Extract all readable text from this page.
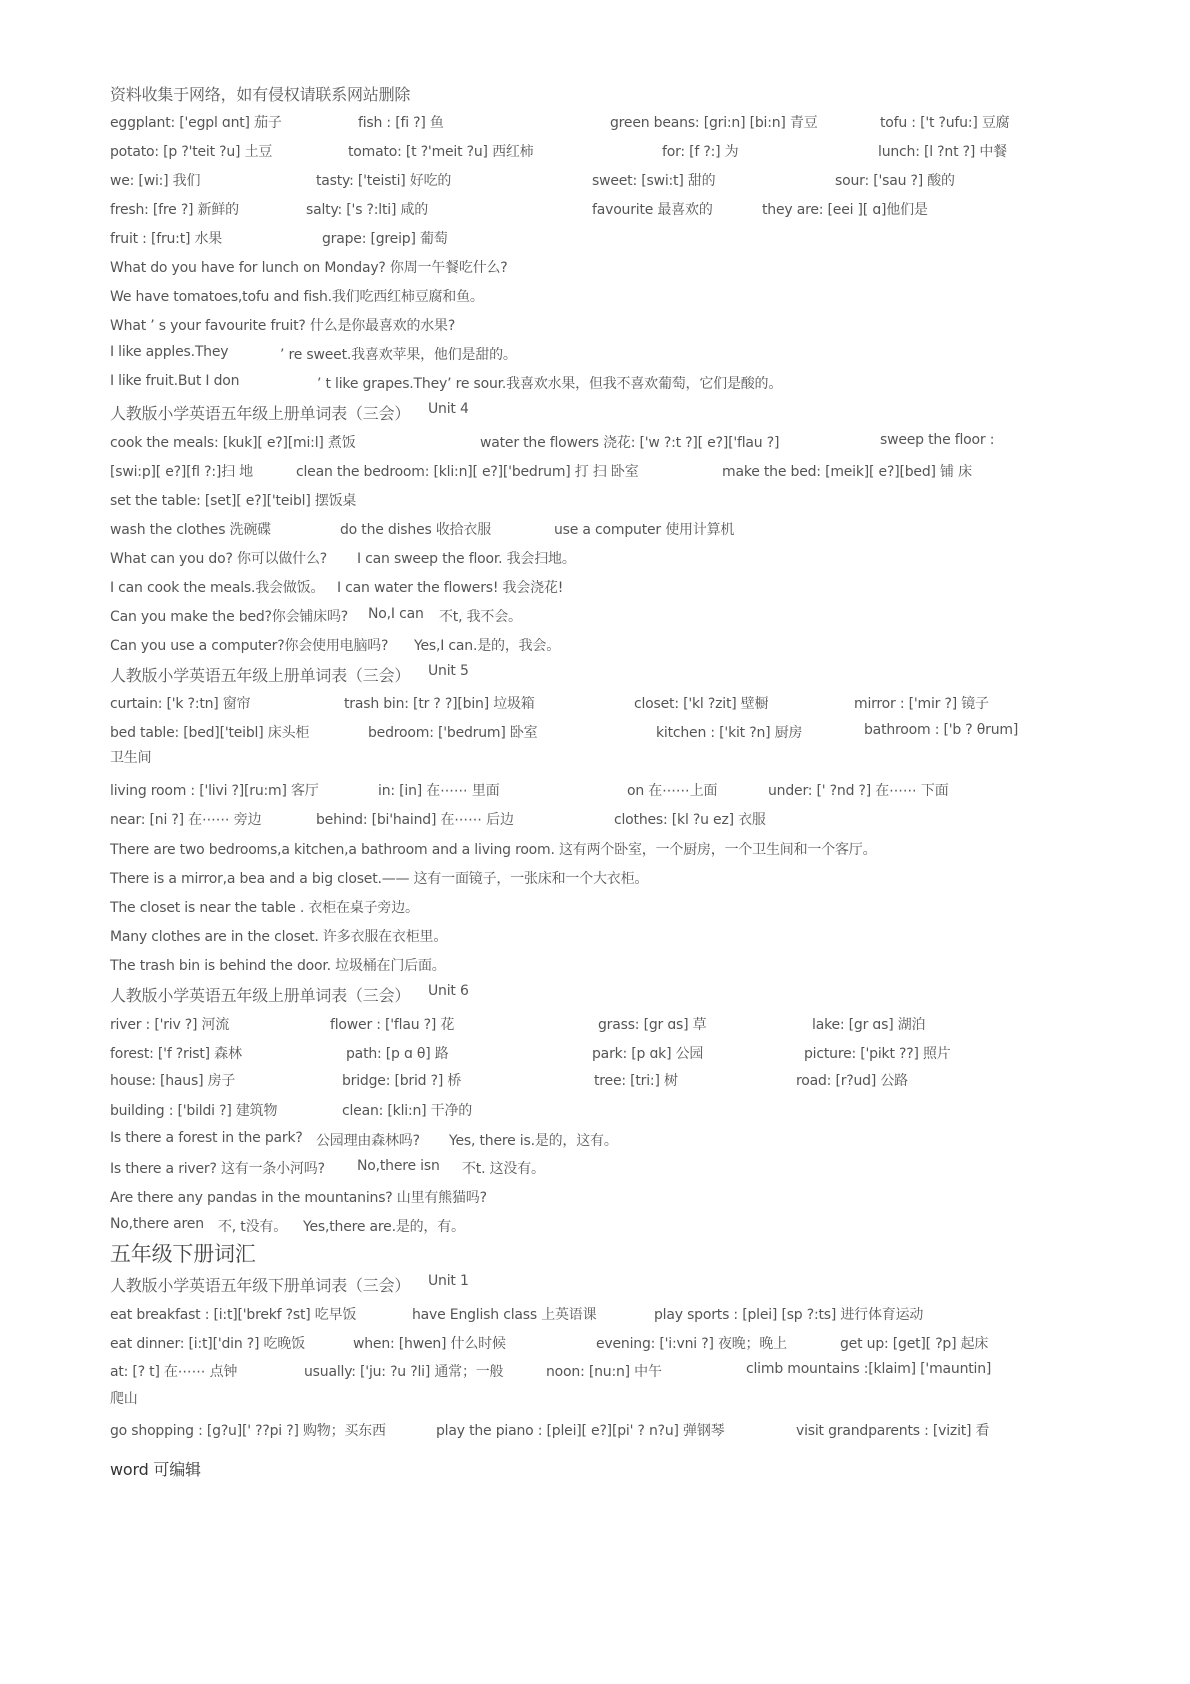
资料收集于网络，如有侵权请联系网站删除
eggplant: ['egpl ɑnt] 茄子	fish : [fi ?] 鱼	green beans: [gri:n] [bi:n] 青豆	tofu : ['t ?ufu:] 豆腐
potato: [p ?'teit ?u] 土豆	tomato: [t ?'meit ?u] 西红柿	for: [f ?:] 为	lunch: [l ?nt ?] 中餐
we: [wi:] 我们	tasty: ['teisti] 好吃的	sweet: [swi:t] 甜的	sour: ['sau ?] 酸的
fresh: [fre ?] 新鲜的	salty: ['s ?:lti] 咸的	favourite 最喜欢的	they are: [eei ][ ɑ]他们是
fruit : [fru:t] 水果	grape: [greip] 葡萄
What do you have for lunch on Monday? 你周一午餐吃什么?
We have tomatoes,tofu and fish.我们吃西红柿豆腐和鱼。
What ’ s your favourite fruit? 什么是你最喜欢的水果?
I like apples.They	’ re sweet.我喜欢苹果，他们是甜的。
I like fruit.But I don	’ t like grapes.They’ re sour.我喜欢水果，但我不喜欢葡萄，它们是酸的。
人教版小学英语五年级上册单词表（三会） Unit 4
cook the meals: [kuk][ e?][mi:l] 煮饭	water the flowers 浇花: ['w ?:t ?][ e?]['flau ?]	sweep the floor :
[swi:p][ e?][fl ?:]扫 地	clean the bedroom: [kli:n][ e?]['bedrum] 打 扫 卧室	make the bed: [meik][ e?][bed] 铺 床
set the table: [set][ e?]['teibl] 摆饭桌
wash the clothes 洗碗碟	do the dishes 收拾衣服	use a computer 使用计算机
What can you do? 你可以做什么? I can sweep the floor. 我会扫地。
I can cook the meals.我会做饭。 I can water the flowers! 我会浇花!
Can you make the bed?你会铺床吗? No,I can 不t, 我不会。
Can you use a computer?你会使用电脑吗? Yes,I can.是的，我会。
人教版小学英语五年级上册单词表（三会） Unit 5
curtain: ['k ?:tn] 窗帘	trash bin: [tr ? ?][bin] 垃圾箱	closet: ['kl ?zit] 壁橱	mirror : ['mir ?] 镜子
bed table: [bed]['teibl] 床头柜	bedroom: ['bedrum] 卧室	kitchen : ['kit ?n] 厨房	bathroom : ['b ? θrum]
卫生间
living room : ['livi ?][ru:m] 客厅	in: [in] 在⋯⋯ 里面	on 在⋯⋯上面	under: [' ?nd ?] 在⋯⋯ 下面
near: [ni ?] 在⋯⋯ 旁边	behind: [bi'haind] 在⋯⋯ 后边	clothes: [kl ?u ez] 衣服
There are two bedrooms,a kitchen,a bathroom and a living room. 这有两个卧室，一个厨房，一个卫生间和一个客厅。
There is a mirror,a bea and a big closet.—— 这有一面镜子，一张床和一个大衣柜。
The closet is near the table . 衣柜在桌子旁边。
Many clothes are in the closet. 许多衣服在衣柜里。
The trash bin is behind the door. 垃圾桶在门后面。
人教版小学英语五年级上册单词表（三会） Unit 6
river : ['riv ?] 河流	flower : ['flau ?] 花	grass: [gr ɑs] 草	lake: [gr ɑs] 湖泊
forest: ['f ?rist] 森林	path: [p ɑ θ] 路	park: [p ɑk] 公园	picture: ['pikt ??] 照片
house: [haus] 房子	bridge: [brid ?] 桥	tree: [tri:] 树	road: [r?ud] 公路
building : ['bildi ?] 建筑物	clean: [kli:n] 干净的
Is there a forest in the park? 公园理由森林吗? Yes, there is.是的，这有。
Is there a river? 这有一条小河吗? No,there isn 不t. 这没有。
Are there any pandas in the mountanins? 山里有熊猫吗?
No,there aren 不, t没有。 Yes,there are.是的，有。
五年级下册词汇
人教版小学英语五年级下册单词表（三会） Unit 1
eat breakfast : [i:t]['brekf ?st] 吃早饭	have English class 上英语课	play sports : [plei] [sp ?:ts] 进行体育运动
eat dinner: [i:t]['din ?] 吃晚饭	when: [hwen] 什么时候	evening: ['i:vni ?] 夜晚；晚上	get up: [get][ ?p] 起床
at: [? t] 在⋯⋯ 点钟	usually: ['ju: ?u ?li] 通常；一般	noon: [nu:n] 中午	climb mountains :[klaim] ['mauntin]
爬山
go shopping : [g?u][' ??pi ?] 购物；买东西	play the piano : [plei][ e?][pi' ? n?u] 弹钢琴	visit grandparents : [vizit] 看
word 可编辑
